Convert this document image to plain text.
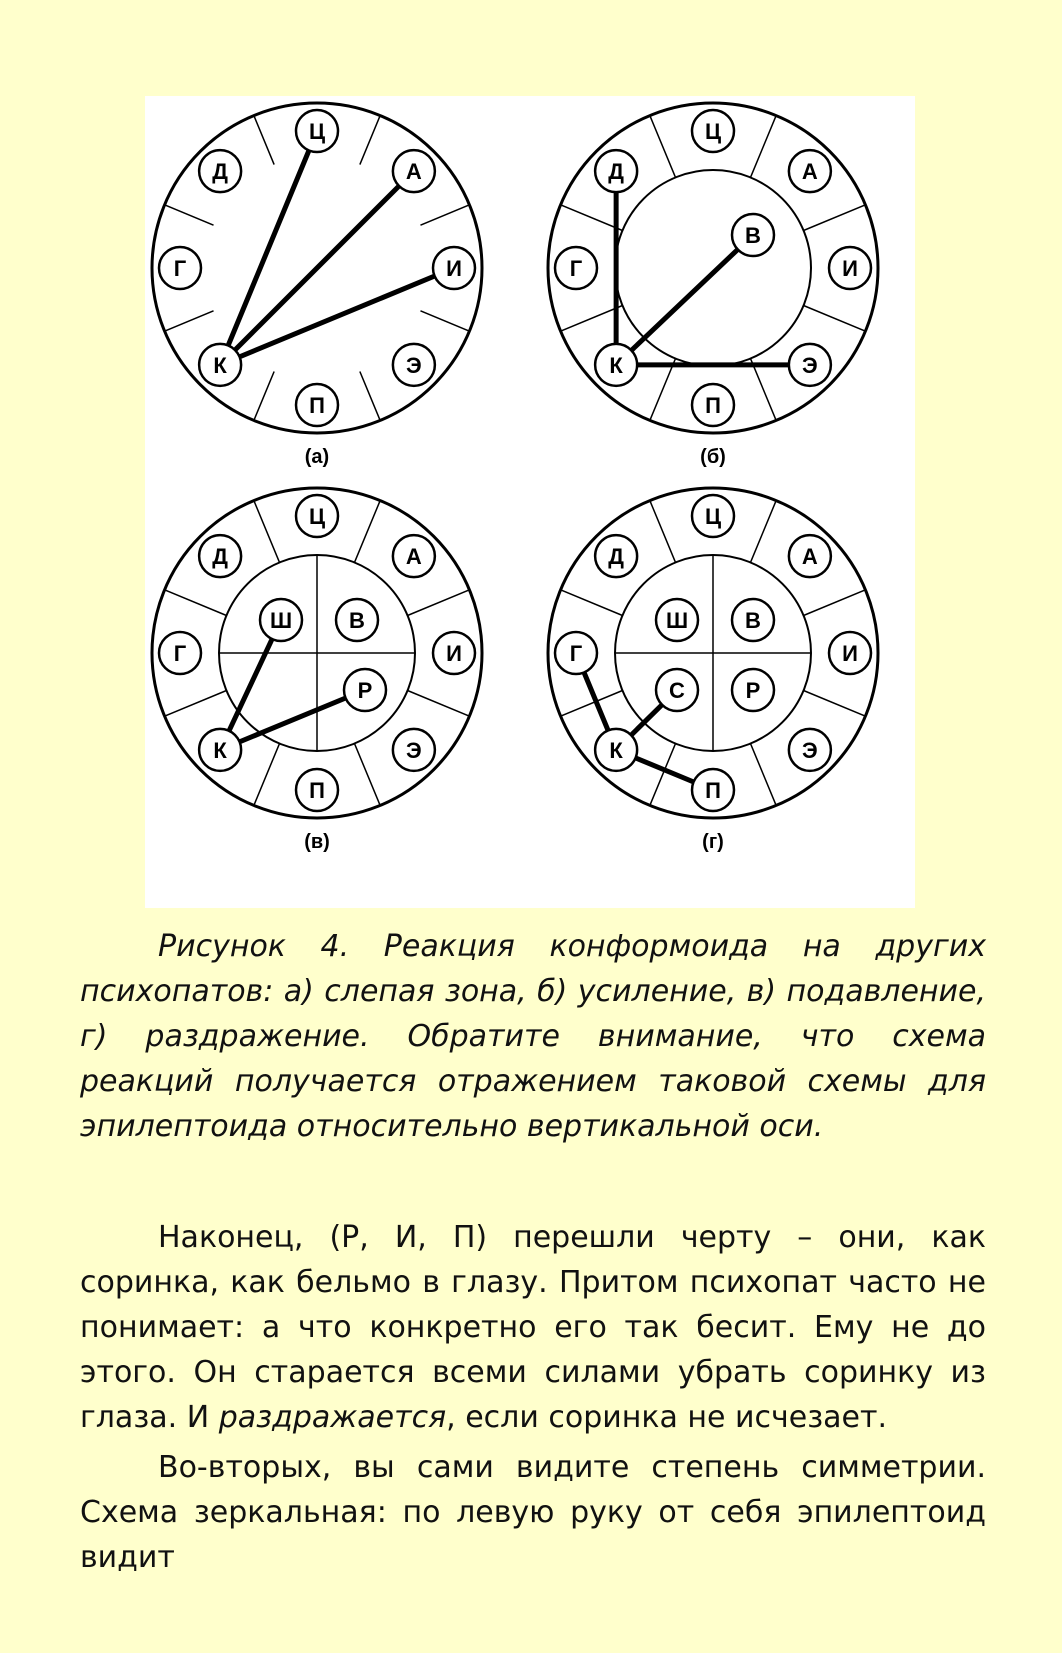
Ц
А
И
Э
П
К
Г
Д
(а)
Ц
А
И
Э
П
К
Г
Д
В
(б)
Ц
А
И
Э
П
К
Г
Д
Ш	В
Р
(в)
Ц
А
И
Э
П
К
Г
Д
Ш	В
С	Р
(г)

Рисунок 4. Реакция конформоида на других психопатов: а) слепая зона, б) усиление, в) подавление, г) раздражение. Обратите внимание, что схема реакций получается отражением таковой схемы для эпилептоида относительно вертикальной оси.

Наконец, (Р, И, П) перешли черту – они, как соринка, как бельмо в глазу. Притом психопат часто не понимает: а что конкретно его так бесит. Ему не до этого. Он старается всеми силами убрать соринку из глаза. И раздражается, если соринка не исчезает.

Во-вторых, вы сами видите степень симметрии. Схема зеркальная: по левую руку от себя эпилептоид видит
